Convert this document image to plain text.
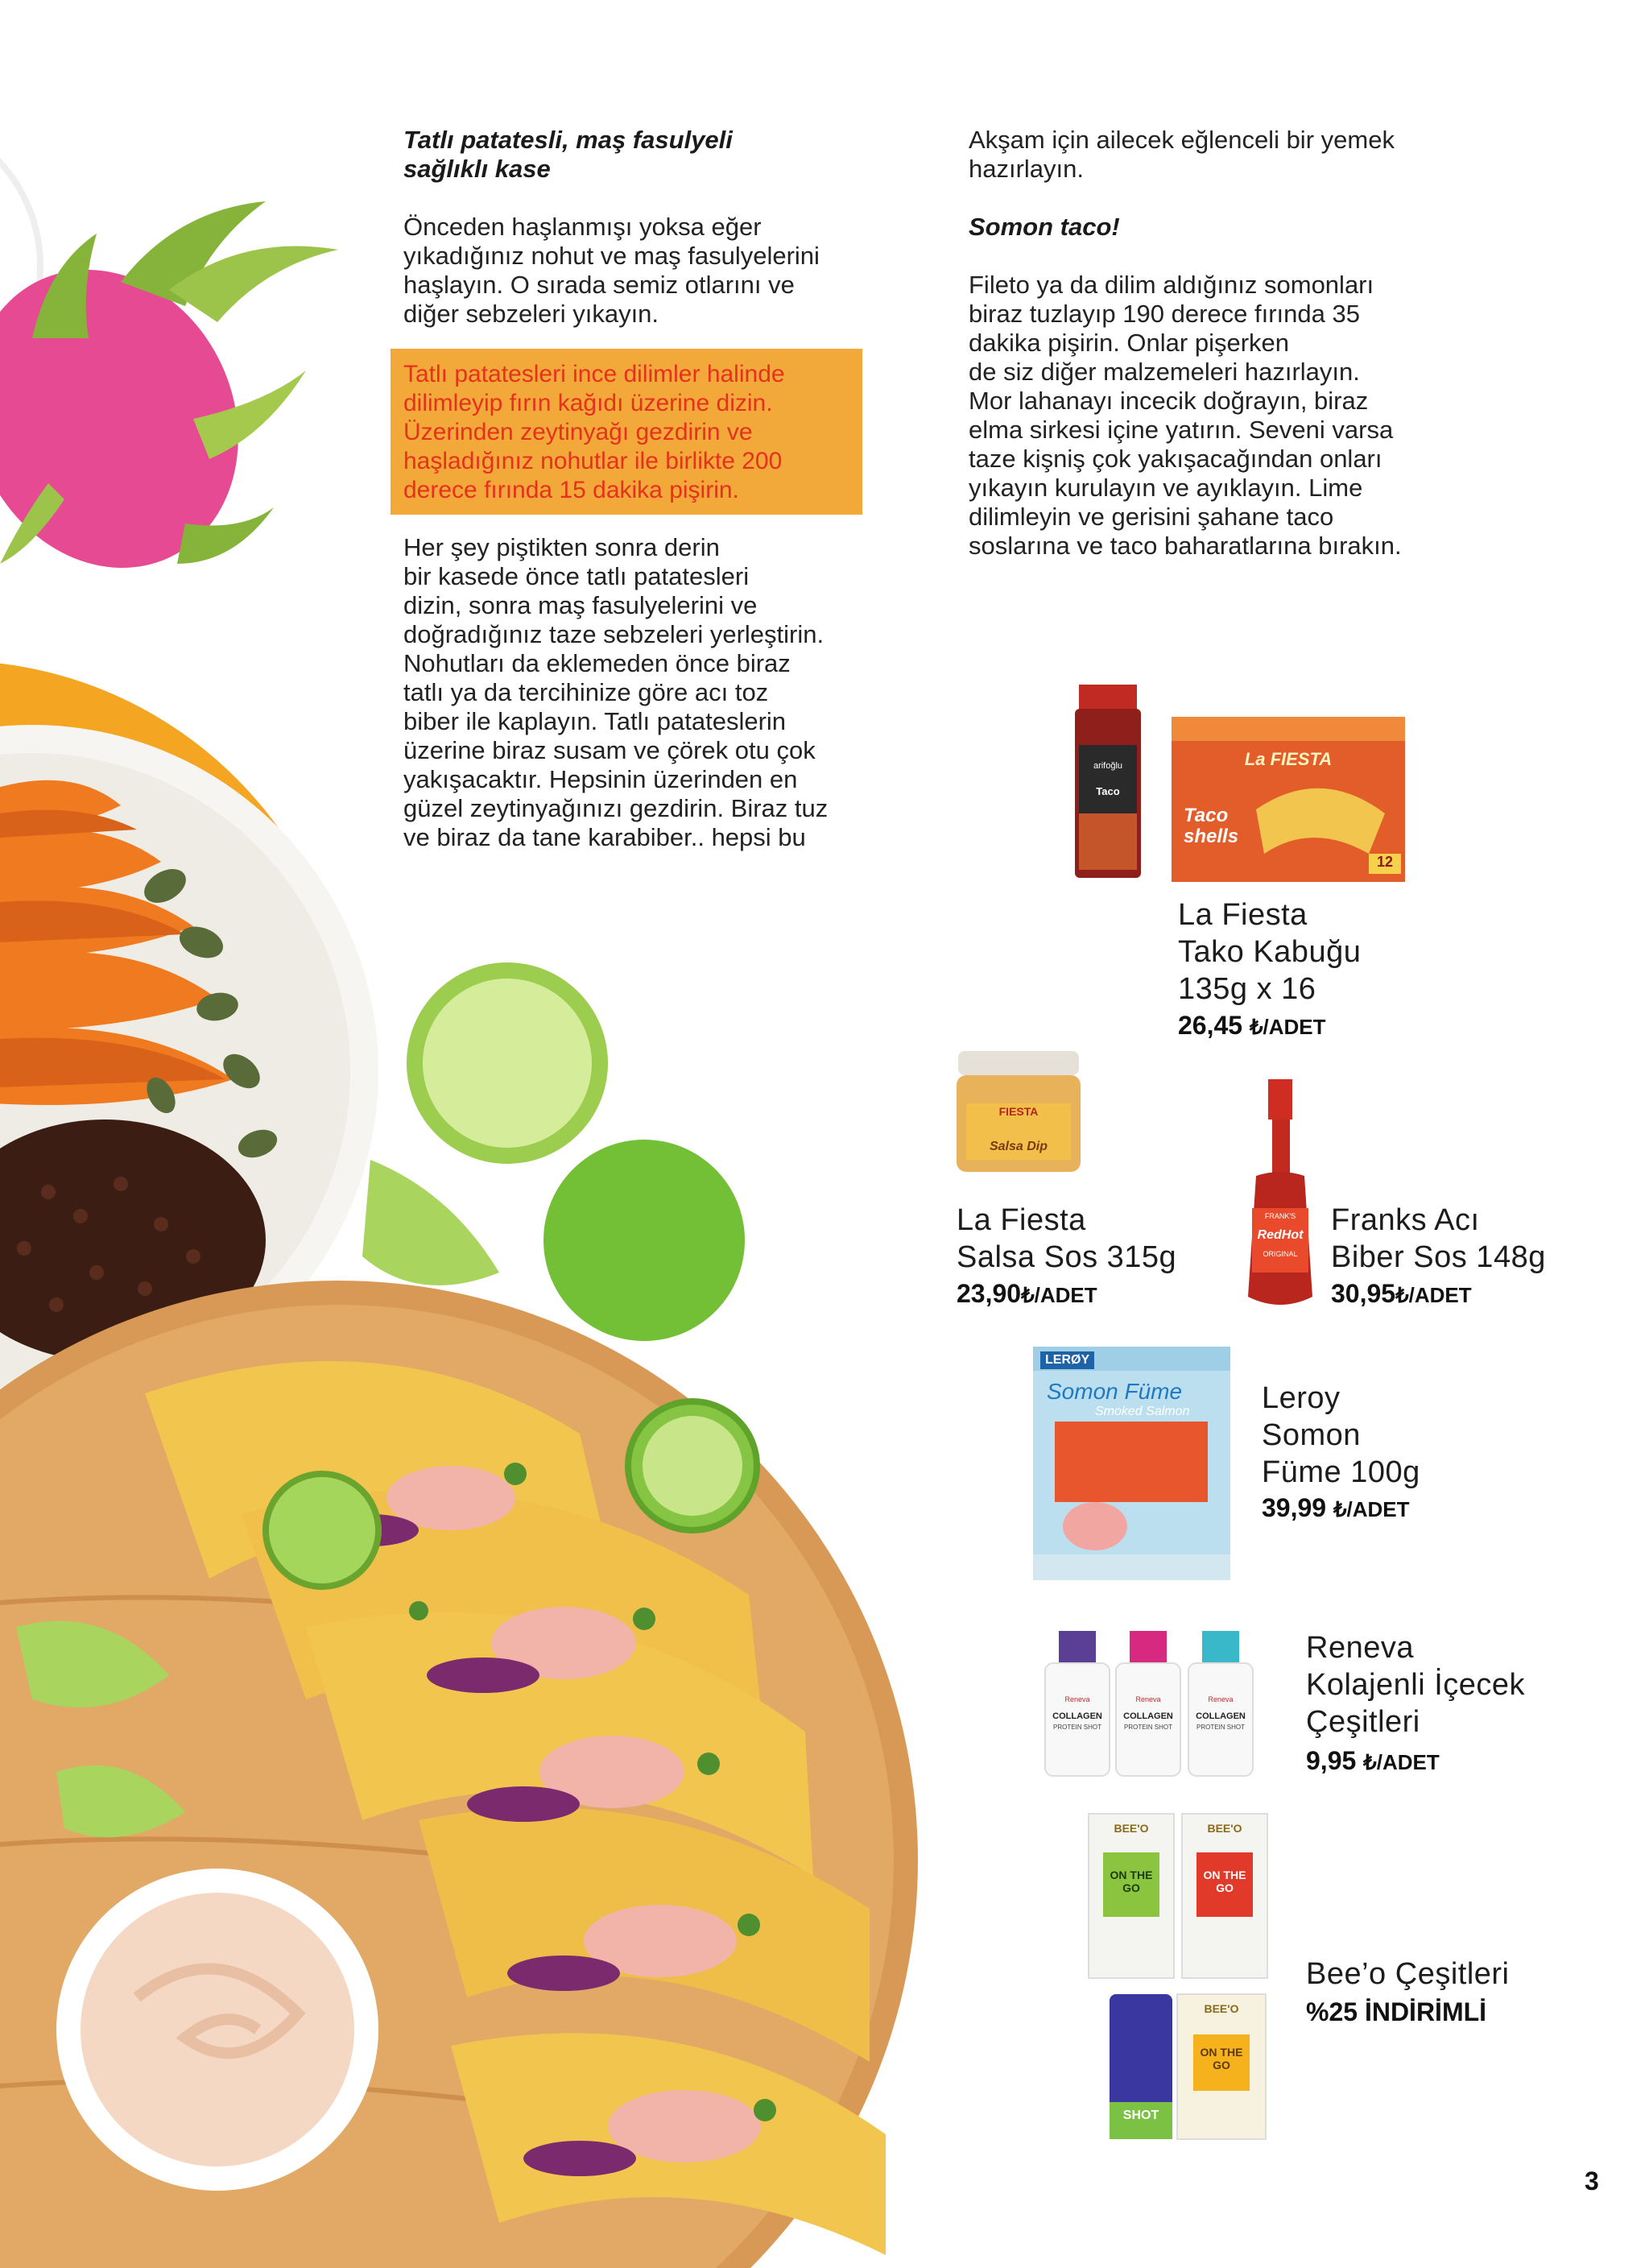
arifoğlu
Taco
La FIESTA
Taco shells
12
FIESTA
Salsa Dip
FRANK'S
RedHot
ORIGINAL
LERØY
Somon Füme
Smoked Salmon
Reneva
COLLAGEN
PROTEIN SHOT
Reneva
COLLAGEN
PROTEIN SHOT
Reneva
COLLAGEN
PROTEIN SHOT
BEE'O
ON THE GO
BEE'O
ON THE GO
BEE'O
ON THE GO
SHOT
Tatlı patatesli, maş fasulyeli
sağlıklı kase
Önceden haşlanmışı yoksa eğer
yıkadığınız nohut ve maş fasulyelerini
haşlayın. O sırada semiz otlarını ve
diğer sebzeleri yıkayın.
Tatlı patatesleri ince dilimler halinde
dilimleyip fırın kağıdı üzerine dizin.
Üzerinden zeytinyağı gezdirin ve
haşladığınız nohutlar ile birlikte 200
derece fırında 15 dakika pişirin.
Her şey piştikten sonra derin
bir kasede önce tatlı patatesleri
dizin, sonra maş fasulyelerini ve
doğradığınız taze sebzeleri yerleştirin.
Nohutları da eklemeden önce biraz
tatlı ya da tercihinize göre acı toz
biber ile kaplayın. Tatlı patateslerin
üzerine biraz susam ve çörek otu çok
yakışacaktır. Hepsinin üzerinden en
güzel zeytinyağınızı gezdirin. Biraz tuz
ve biraz da tane karabiber.. hepsi bu
Akşam için ailecek eğlenceli bir yemek
hazırlayın.
Somon taco!
Fileto ya da dilim aldığınız somonları
biraz tuzlayıp 190 derece fırında 35
dakika pişirin. Onlar pişerken
de siz diğer malzemeleri hazırlayın.
Mor lahanayı incecik doğrayın, biraz
elma sirkesi içine yatırın. Seveni varsa
taze kişniş çok yakışacağından onları
yıkayın kurulayın ve ayıklayın. Lime
dilimleyin ve gerisini şahane taco
soslarına ve taco baharatlarına bırakın.
La Fiesta
Tako Kabuğu
135g x 16
26,45 ₺/ADET
La Fiesta
Salsa Sos 315g
23,90₺/ADET
Franks Acı
Biber Sos 148g
30,95₺/ADET
Leroy
Somon
Füme 100g
39,99 ₺/ADET
Reneva
Kolajenli İçecek
Çeşitleri
9,95 ₺/ADET
Bee’o Çeşitleri
%25 İNDİRİMLİ
3
